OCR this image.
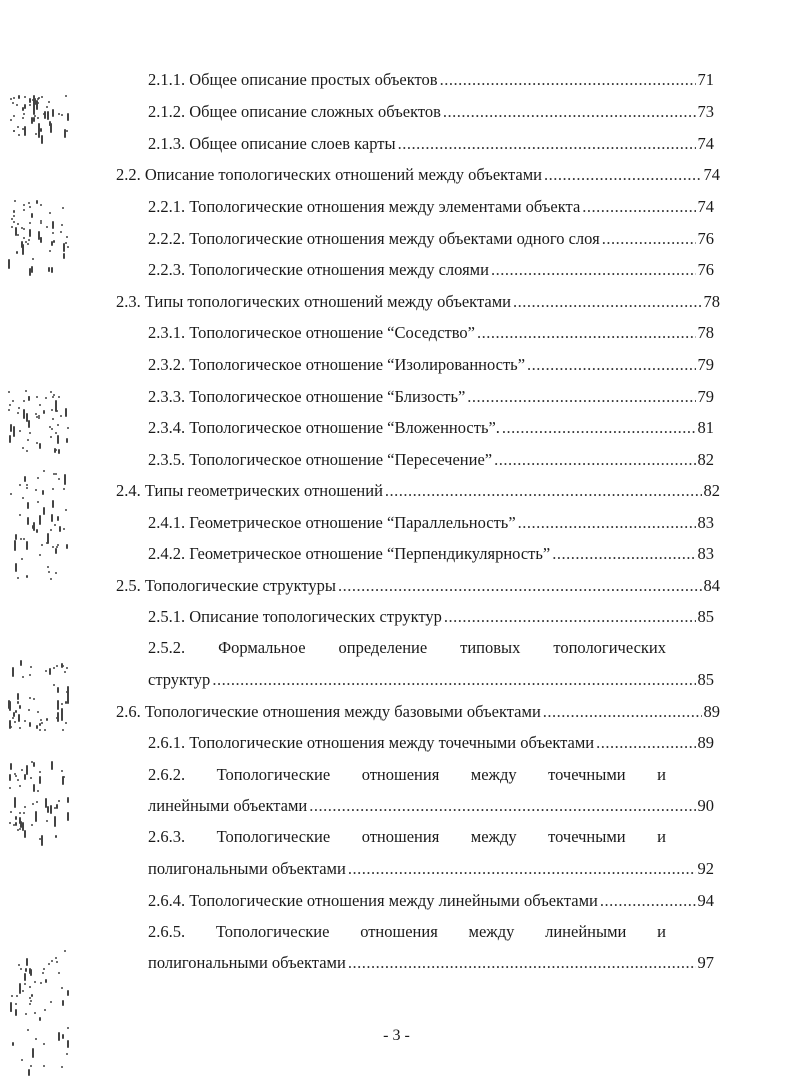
2.1.1. Общее описание простых объектов .....	71
2.1.2. Общее описание сложных объектов .....	73
2.1.3. Общее описание слоев карты .....	74
2.2. Описание топологических отношений между объектами .....	74
2.2.1. Топологические отношения между элементами объекта .....	74
2.2.2. Топологические отношения между объектами одного слоя .....	76
2.2.3. Топологические отношения между слоями .....	76
2.3. Типы топологических отношений между объектами .....	78
2.3.1. Топологическое отношение “Соседство” .....	78
2.3.2. Топологическое отношение “Изолированность” .....	79
2.3.3. Топологическое отношение “Близость” .....	79
2.3.4. Топологическое отношение “Вложенность”. .....	81
2.3.5. Топологическое отношение “Пересечение” .....	82
2.4. Типы геометрических отношений .....	82
2.4.1. Геометрическое отношение “Параллельность” .....	83
2.4.2. Геометрическое отношение “Перпендикулярность” .....	83
2.5. Топологические структуры .....	84
2.5.1. Описание топологических структур .....	85
2.5.2. Формальное определение типовых топологических
структур .....	85
2.6. Топологические отношения между базовыми объектами .....	89
2.6.1. Топологические отношения между точечными объектами .....	89
2.6.2. Топологические отношения между точечными и
линейными объектами .....	90
2.6.3. Топологические отношения между точечными и
полигональными объектами .....	92
2.6.4. Топологические отношения между линейными объектами .....	94
2.6.5. Топологические отношения между линейными и
полигональными объектами .....	97
- 3 -
